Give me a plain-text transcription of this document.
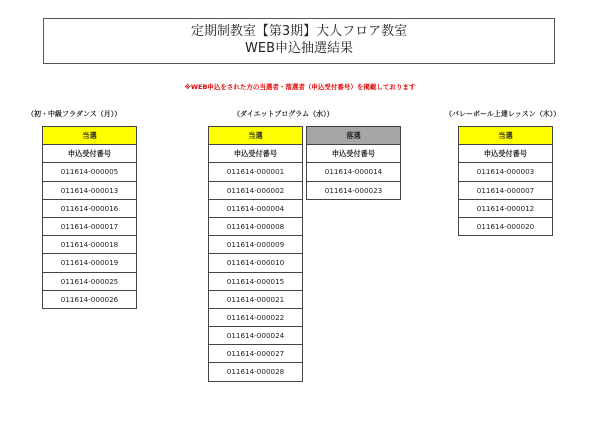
定期制教室【第3期】大人フロア教室
WEB申込抽選結果
※WEB申込をされた方の当選者・落選者（申込受付番号）を掲載しております
（初・中級フラダンス（月））
当選
申込受付番号
011614-000005
011614-000013
011614-000016
011614-000017
011614-000018
011614-000019
011614-000025
011614-000026
（ダイエットプログラム（水））
当選
申込受付番号
011614-000001
011614-000002
011614-000004
011614-000008
011614-000009
011614-000010
011614-000015
011614-000021
011614-000022
011614-000024
011614-000027
011614-000028
落選
申込受付番号
011614-000014
011614-000023
（バレーボール上達レッスン（木））
当選
申込受付番号
011614-000003
011614-000007
011614-000012
011614-000020
